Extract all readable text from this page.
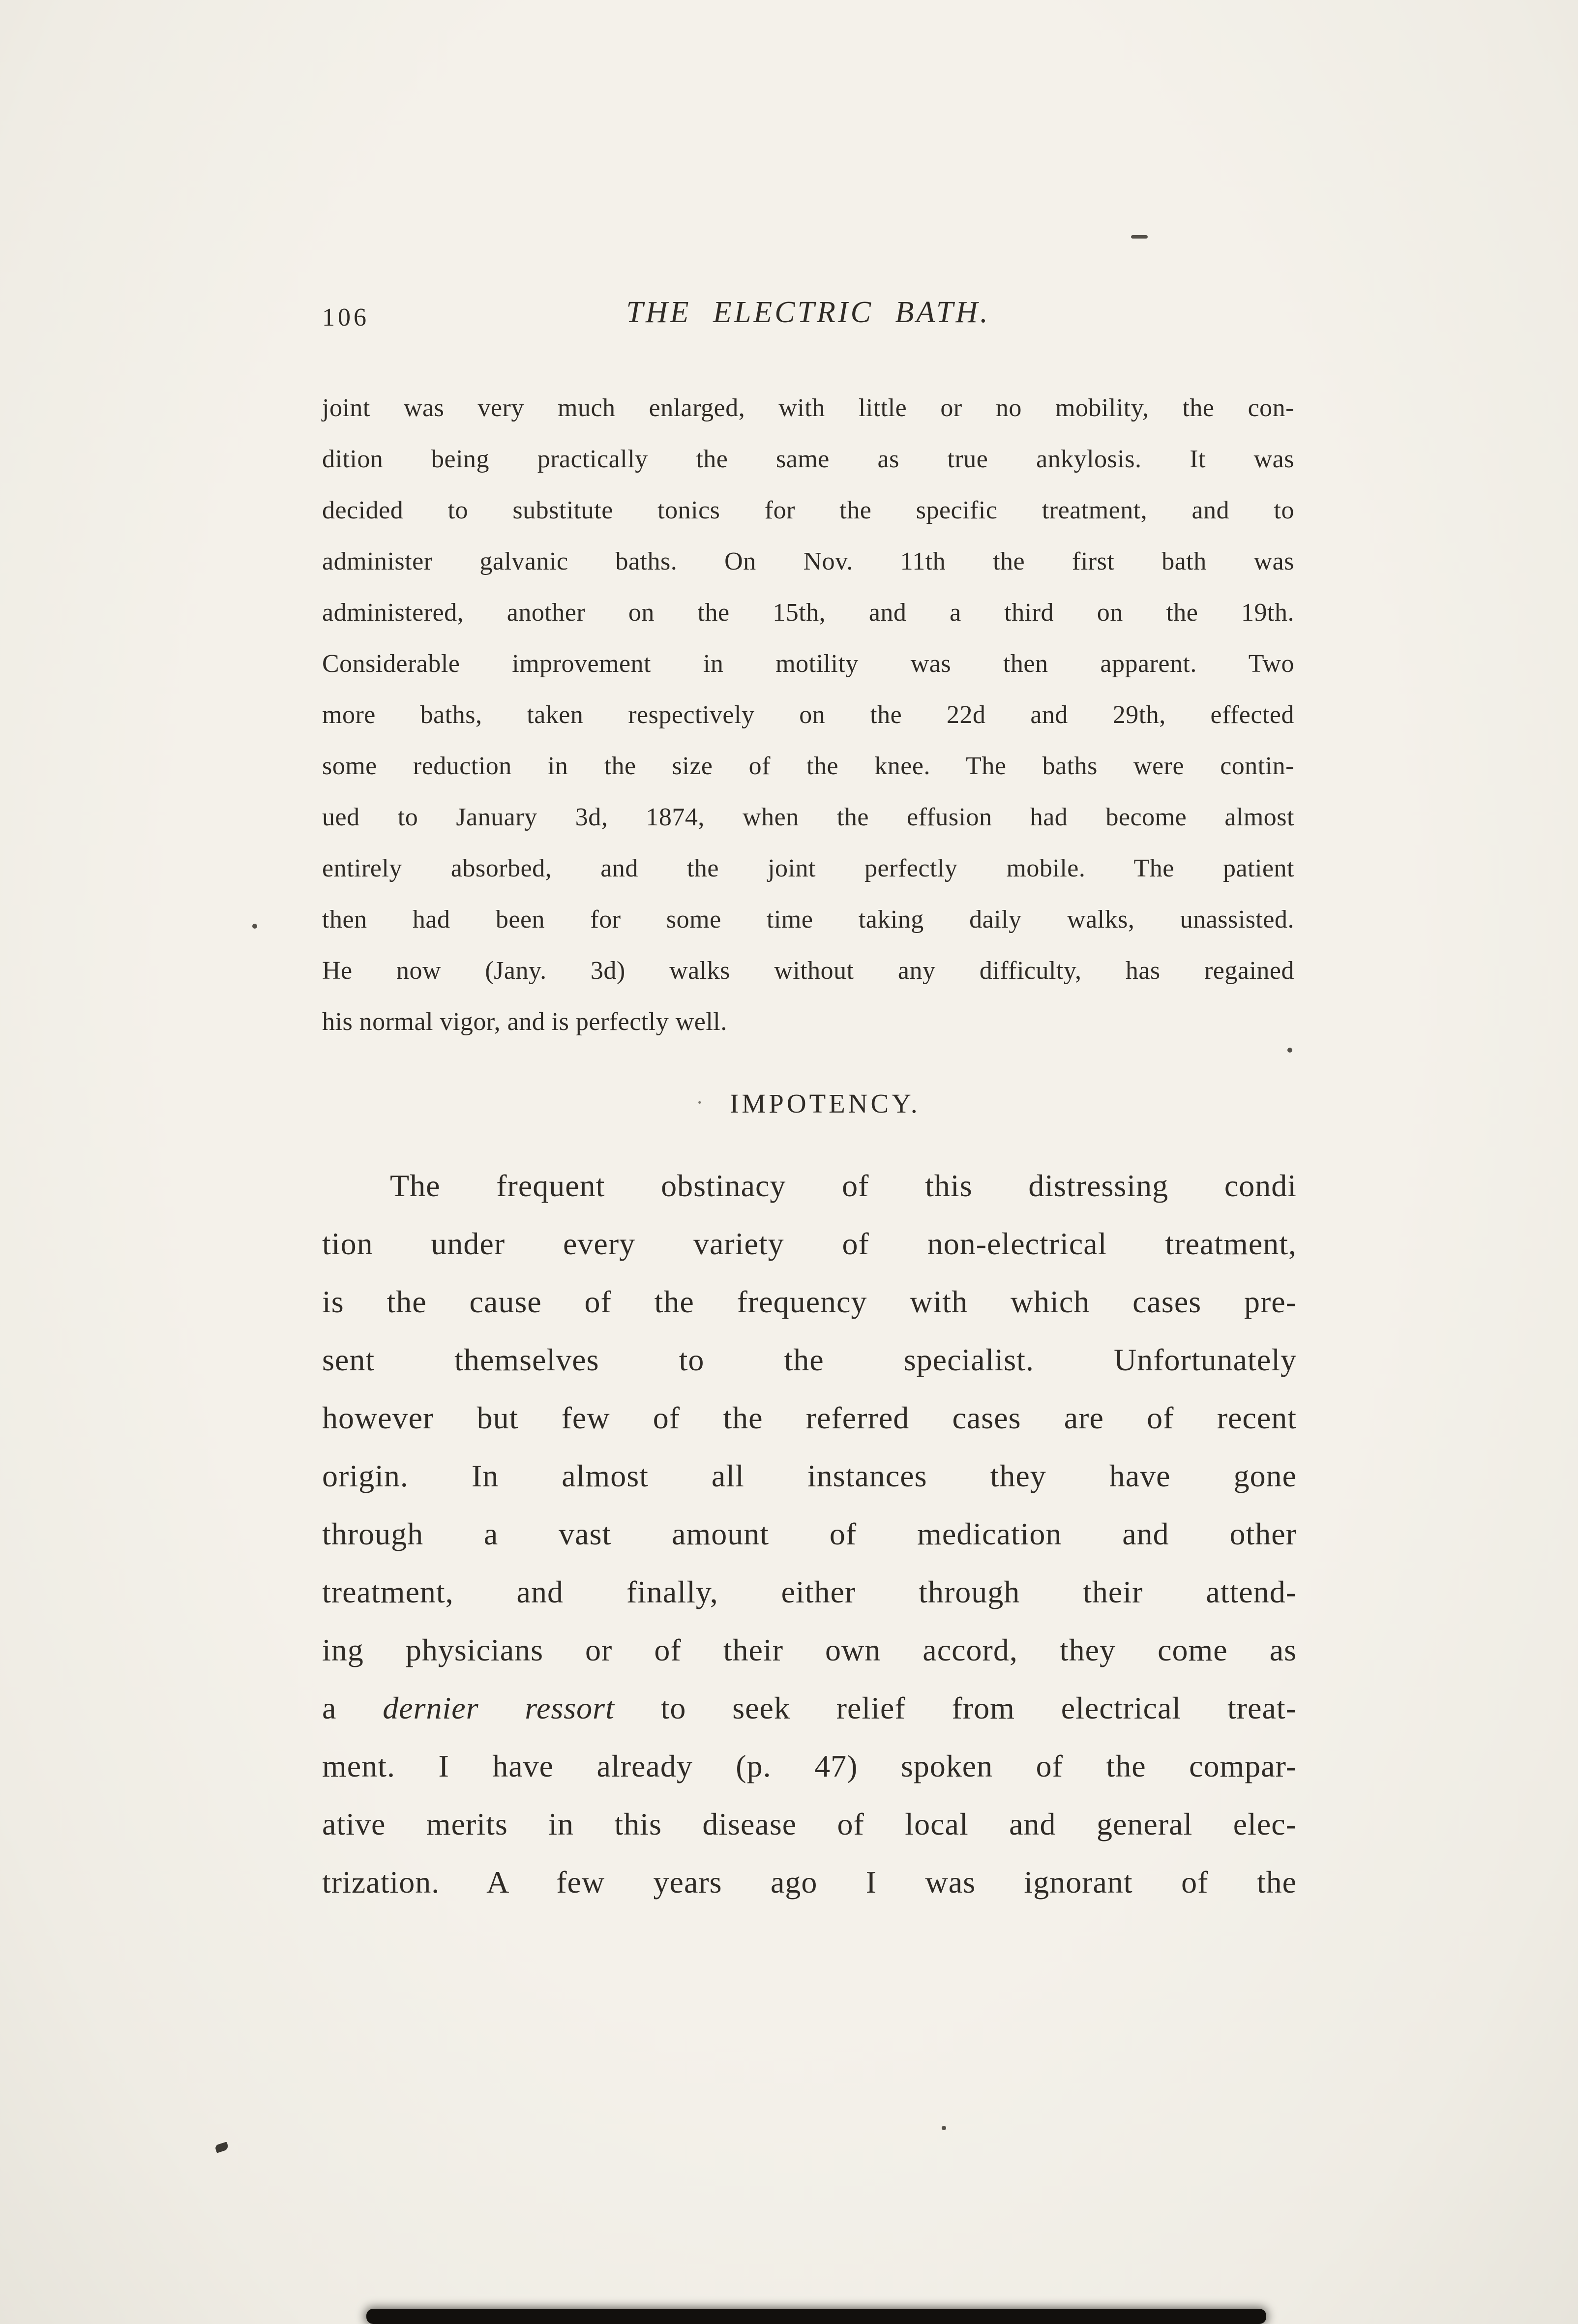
106	THE ELECTRIC BATH.
joint was very much enlarged, with little or no mobility, the con-
dition being practically the same as true ankylosis. It was
decided to substitute tonics for the specific treatment, and to
administer galvanic baths. On Nov. 11th the first bath was
administered, another on the 15th, and a third on the 19th.
Considerable improvement in motility was then apparent. Two
more baths, taken respectively on the 22d and 29th, effected
some reduction in the size of the knee. The baths were contin-
ued to January 3d, 1874, when the effusion had become almost
entirely absorbed, and the joint perfectly mobile. The patient
then had been for some time taking daily walks, unassisted.
He now (Jany. 3d) walks without any difficulty, has regained
his normal vigor, and is perfectly well.
· IMPOTENCY.
The frequent obstinacy of this distressing condi
tion under every variety of non-electrical treatment,
is the cause of the frequency with which cases pre-
sent themselves to the specialist. Unfortunately
however but few of the referred cases are of recent
origin. In almost all instances they have gone
through a vast amount of medication and other
treatment, and finally, either through their attend-
ing physicians or of their own accord, they come as
a dernier ressort to seek relief from electrical treat-
ment. I have already (p. 47) spoken of the compar-
ative merits in this disease of local and general elec-
trization. A few years ago I was ignorant of the
